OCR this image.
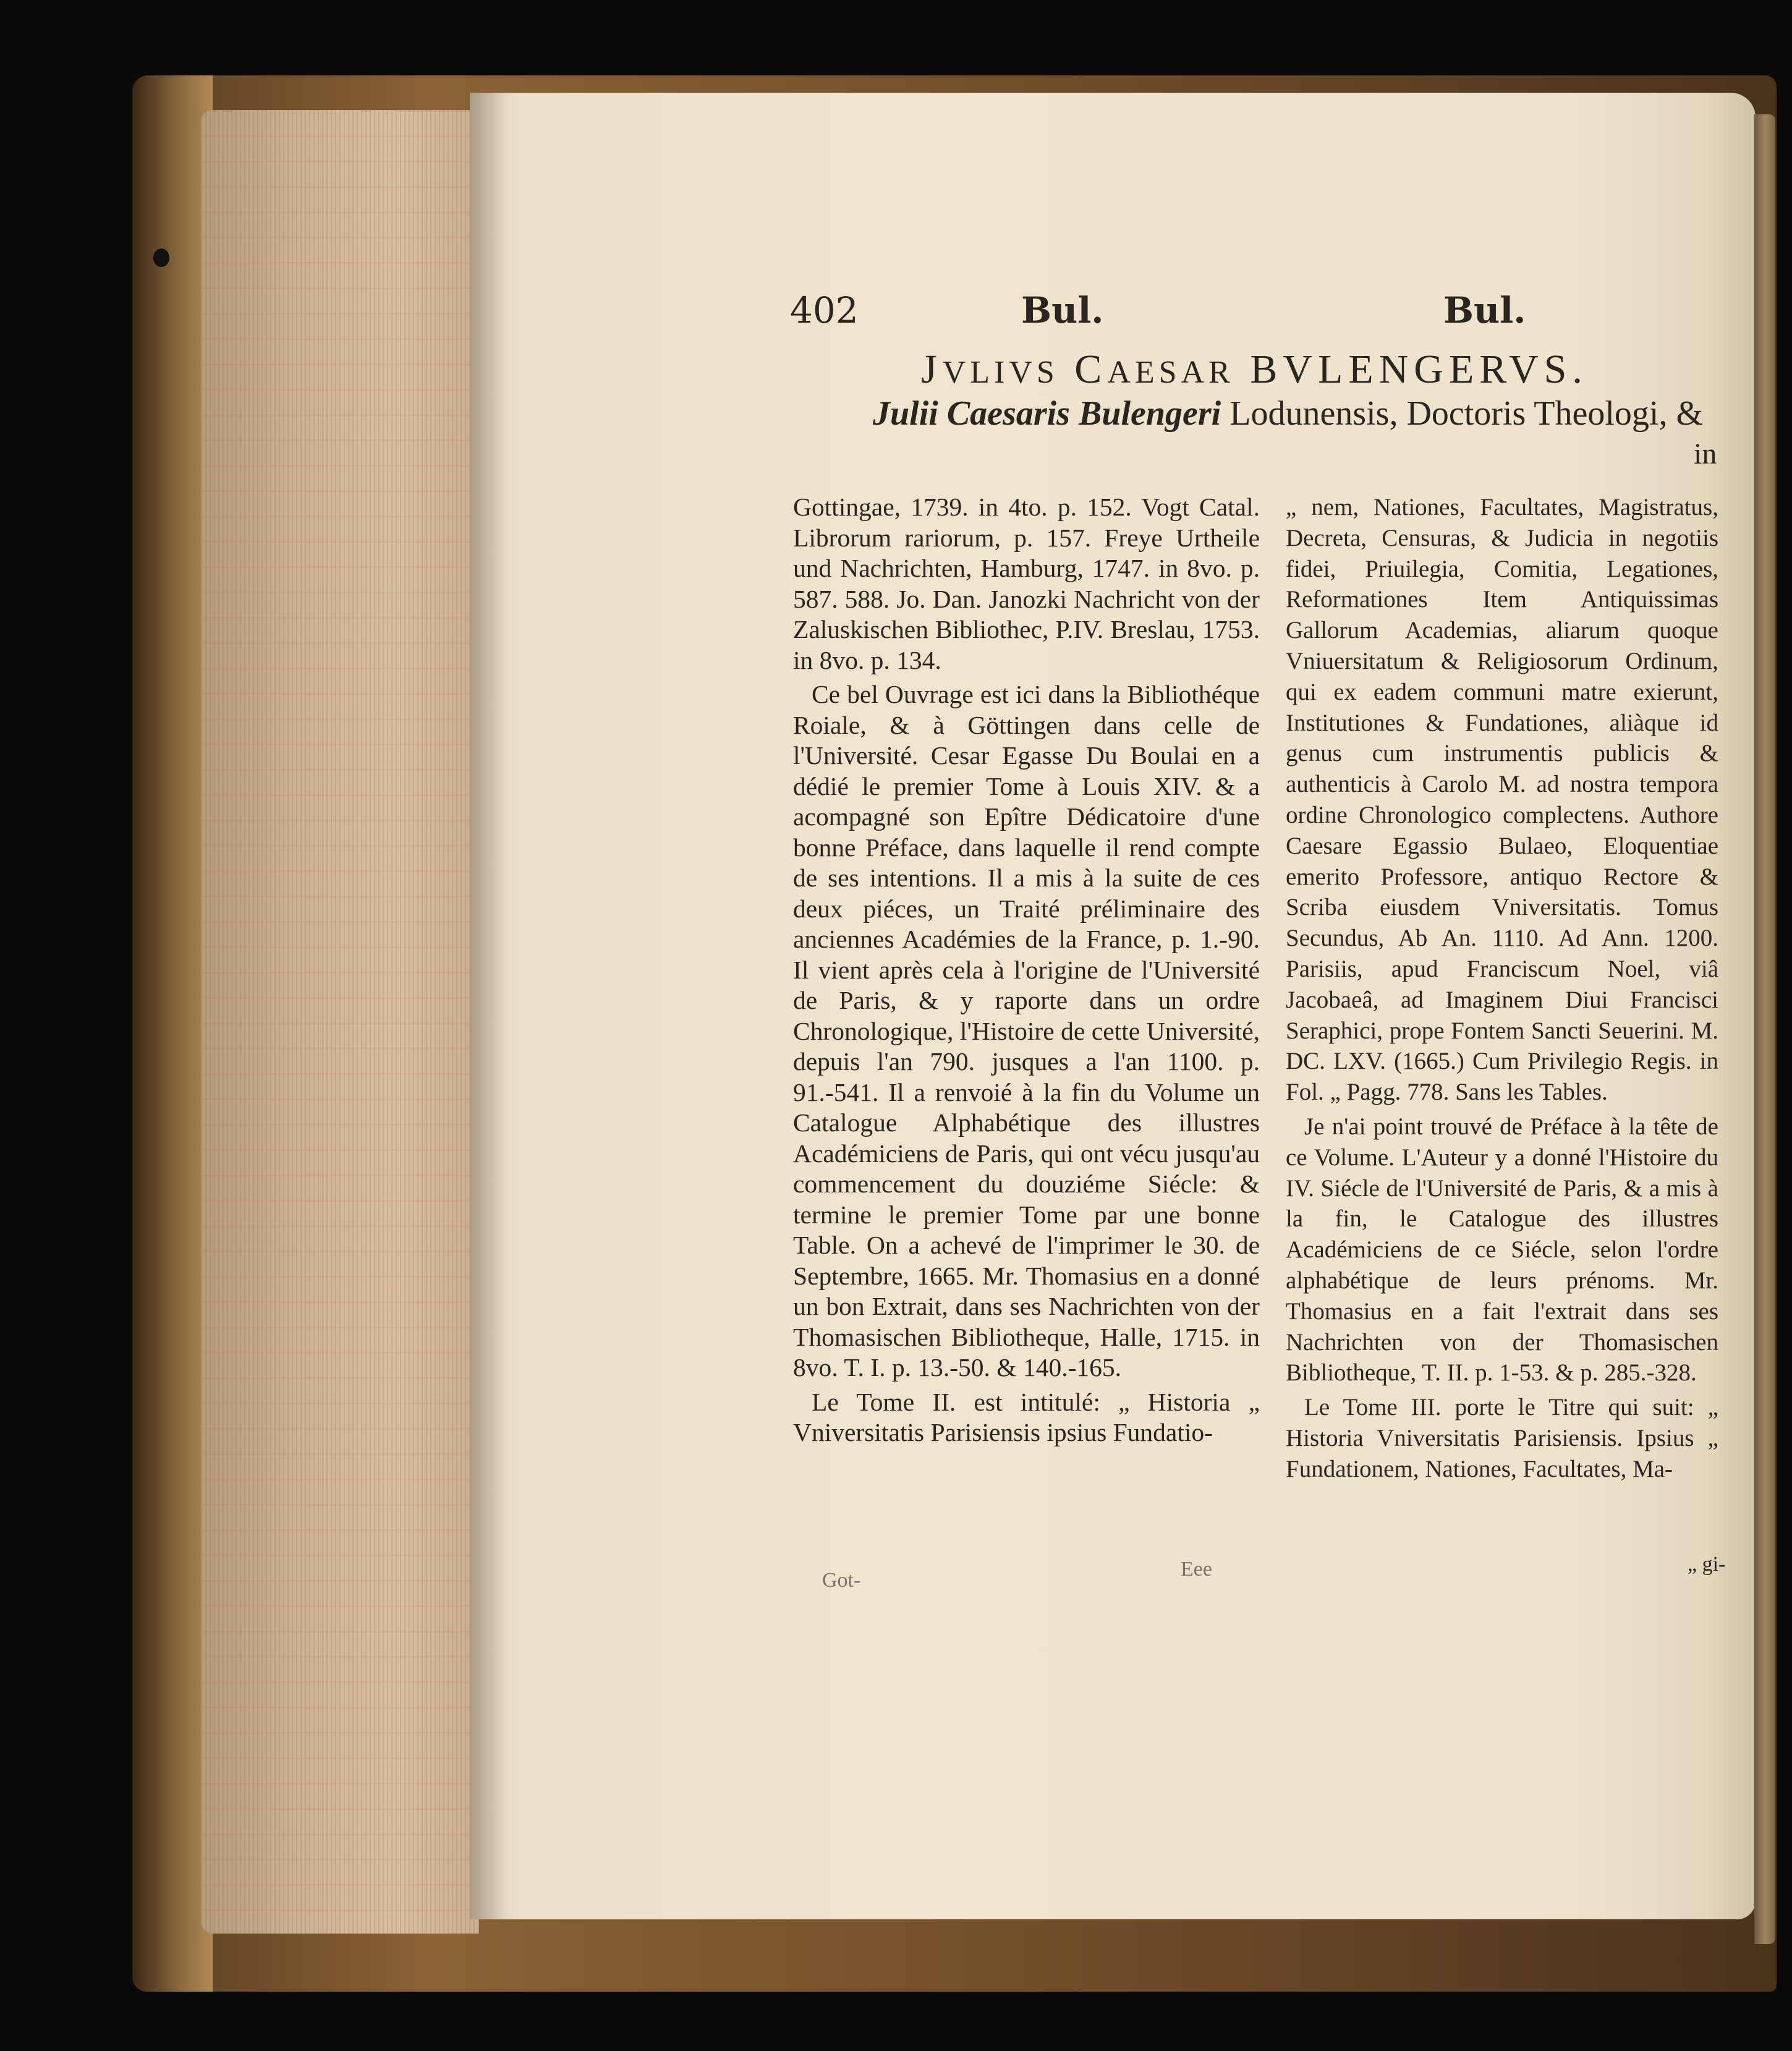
402	Bul.	Bul.
JVLIVS CAESAR BVLENGERVS.
Julii Caesaris Bulengeri Lodunensis, Doctoris Theologi, &
in

Gottingae, 1739. in 4to. p. 152. Vogt Catal. Librorum rariorum, p. 157. Freye Urtheile und Nachrichten, Hamburg, 1747. in 8vo. p. 587. 588. Jo. Dan. Janozki Nachricht von der Zaluskischen Bibliothec, P.IV. Breslau, 1753. in 8vo. p. 134.

Ce bel Ouvrage est ici dans la Bibliothéque Roiale, & à Göttingen dans celle de l'Université. Cesar Egasse Du Boulai en a dédié le premier Tome à Louis XIV. & a acompagné son Epître Dédicatoire d'une bonne Préface, dans laquelle il rend compte de ses intentions. Il a mis à la suite de ces deux piéces, un Traité préliminaire des anciennes Académies de la France, p. 1.-90. Il vient après cela à l'origine de l'Université de Paris, & y raporte dans un ordre Chronologique, l'Histoire de cette Université, depuis l'an 790. jusques a l'an 1100. p. 91.-541. Il a renvoié à la fin du Volume un Catalogue Alphabétique des illustres Académiciens de Paris, qui ont vécu jusqu'au commencement du douziéme Siécle: & termine le premier Tome par une bonne Table. On a achevé de l'imprimer le 30. de Septembre, 1665. Mr. Thomasius en a donné un bon Extrait, dans ses Nachrichten von der Thomasischen Bibliotheque, Halle, 1715. in 8vo. T. I. p. 13.-50. & 140.-165.

Le Tome II. est intitulé: „ Historia „ Vniversitatis Parisiensis ipsius Fundatio-

„ nem, Nationes, Facultates, Magistratus, Decreta, Censuras, & Judicia in negotiis fidei, Priuilegia, Comitia, Legationes, Reformationes Item Antiquissimas Gallorum Academias, aliarum quoque Vniuersitatum & Religiosorum Ordinum, qui ex eadem communi matre exierunt, Institutiones & Fundationes, aliàque id genus cum instrumentis publicis & authenticis à Carolo M. ad nostra tempora ordine Chronologico complectens. Authore Caesare Egassio Bulaeo, Eloquentiae emerito Professore, antiquo Rectore & Scriba eiusdem Vniversitatis. Tomus Secundus, Ab An. 1110. Ad Ann. 1200. Parisiis, apud Franciscum Noel, viâ Jacobaeâ, ad Imaginem Diui Francisci Seraphici, prope Fontem Sancti Seuerini. M. DC. LXV. (1665.) Cum Privilegio Regis. in Fol. „ Pagg. 778. Sans les Tables.

Je n'ai point trouvé de Préface à la tête de ce Volume. L'Auteur y a donné l'Histoire du IV. Siécle de l'Université de Paris, & a mis à la fin, le Catalogue des illustres Académiciens de ce Siécle, selon l'ordre alphabétique de leurs prénoms. Mr. Thomasius en a fait l'extrait dans ses Nachrichten von der Thomasischen Bibliotheque, T. II. p. 1-53. & p. 285.-328.

Le Tome III. porte le Titre qui suit: „ Historia Vniversitatis Parisiensis. Ipsius „ Fundationem, Nationes, Facultates, Ma-

Got-	Eee	„ gi-
